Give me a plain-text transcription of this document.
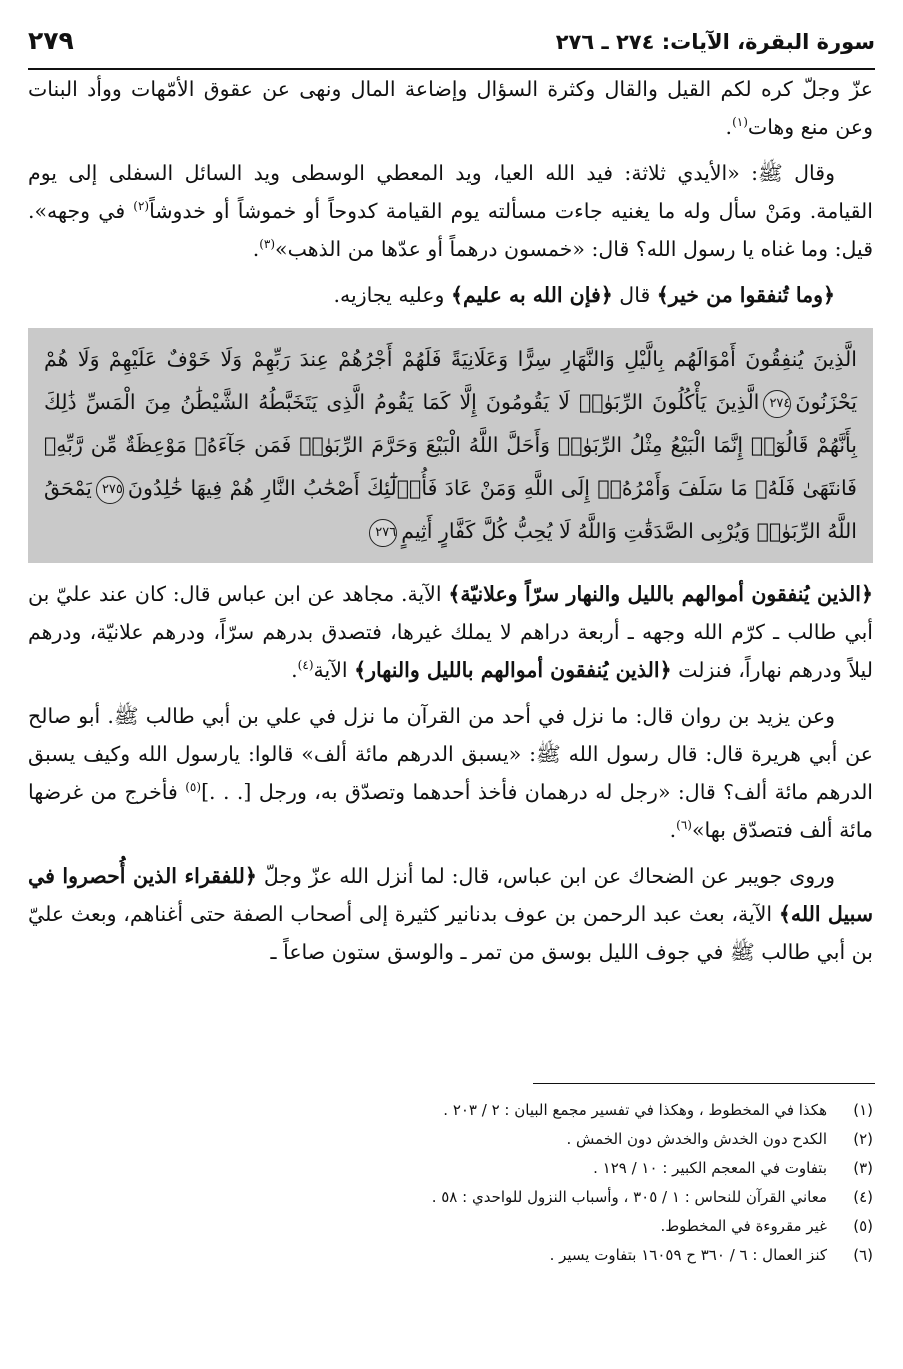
سورة البقرة، الآيات: ٢٧٤ ـ ٢٧٦
٢٧٩

عزّ وجلّ كره لكم القيل والقال وكثرة السؤال وإضاعة المال ونهى عن عقوق الأمّهات ووأد البنات وعن منع وهات$^{(١)}$.

وقال ﷺ: «الأيدي ثلاثة: فيد الله العيا، ويد المعطي الوسطى ويد السائل السفلى إلى يوم القيامة. ومَنْ سأل وله ما يغنيه جاءت مسألته يوم القيامة كدوحاً أو خموشاً أو خدوشاً$^{(٢)}$ في وجهه». قيل: وما غناه يا رسول الله؟ قال: «خمسون درهماً أو عدّها من الذهب»$^{(٣)}$.

﴿وما تُنفقوا من خير﴾ قال ﴿فإن الله به عليم﴾ وعليه يجازيه.

الَّذِينَ يُنفِقُونَ أَمْوَالَهُم بِالَّيْلِ وَالنَّهَارِ سِرًّا وَعَلَانِيَةً فَلَهُمْ أَجْرُهُمْ عِندَ رَبِّهِمْ وَلَا خَوْفٌ عَلَيْهِمْ وَلَا هُمْ يَحْزَنُونَ٢٧٤الَّذِينَ يَأْكُلُونَ الرِّبَوٰا۟ لَا يَقُومُونَ إِلَّا كَمَا يَقُومُ الَّذِى يَتَخَبَّطُهُ الشَّيْطَٰنُ مِنَ الْمَسِّ ذَٰلِكَ بِأَنَّهُمْ قَالُوٓا۟ إِنَّمَا الْبَيْعُ مِثْلُ الرِّبَوٰا۟ وَأَحَلَّ اللَّهُ الْبَيْعَ وَحَرَّمَ الرِّبَوٰا۟ فَمَن جَآءَهُۥ مَوْعِظَةٌ مِّن رَّبِّهِۦ فَانتَهَىٰ فَلَهُۥ مَا سَلَفَ وَأَمْرُهُۥٓ إِلَى اللَّهِ وَمَنْ عَادَ فَأُو۟لَٰٓئِكَ أَصْحَٰبُ النَّارِ هُمْ فِيهَا خَٰلِدُونَ٢٧٥يَمْحَقُ اللَّهُ الرِّبَوٰا۟ وَيُرْبِى الصَّدَقَٰتِ وَاللَّهُ لَا يُحِبُّ كُلَّ كَفَّارٍ أَثِيمٍ٢٧٦

﴿الذين يُنفقون أموالهم بالليل والنهار سرّاً وعلانيّة﴾ الآية. مجاهد عن ابن عباس قال: كان عند عليّ بن أبي طالب ـ كرّم الله وجهه ـ أربعة دراهم لا يملك غيرها، فتصدق بدرهم سرّاً، ودرهم علانيّة، ودرهم ليلاً ودرهم نهاراً، فنزلت ﴿الذين يُنفقون أموالهم بالليل والنهار﴾ الآية$^{(٤)}$.

وعن يزيد بن روان قال: ما نزل في أحد من القرآن ما نزل في علي بن أبي طالب ﷺ. أبو صالح عن أبي هريرة قال: قال رسول الله ﷺ: «يسبق الدرهم مائة ألف» قالوا: يارسول الله وكيف يسبق الدرهم مائة ألف؟ قال: «رجل له درهمان فأخذ أحدهما وتصدّق به، ورجل [. . .]$^{(٥)}$ فأخرج من غرضها مائة ألف فتصدّق بها»$^{(٦)}$.

وروى جويبر عن الضحاك عن ابن عباس، قال: لما أنزل الله عزّ وجلّ ﴿للفقراء الذين أُحصروا في سبيل الله﴾ الآية، بعث عبد الرحمن بن عوف بدنانير كثيرة إلى أصحاب الصفة حتى أغناهم، وبعث عليّ بن أبي طالب ﷺ في جوف الليل بوسق من تمر ـ والوسق ستون صاعاً ـ

(١)هكذا في المخطوط ، وهكذا في تفسير مجمع البيان : ٢ / ٢٠٣ .
(٢)الكدح دون الخدش والخدش دون الخمش .
(٣)بتفاوت في المعجم الكبير : ١٠ / ١٢٩ .
(٤)معاني القرآن للنحاس : ١ / ٣٠٥ ، وأسباب النزول للواحدي : ٥٨ .
(٥)غير مقروءة في المخطوط.
(٦)كنز العمال : ٦ / ٣٦٠ ح ١٦٠٥٩ بتفاوت يسير .
